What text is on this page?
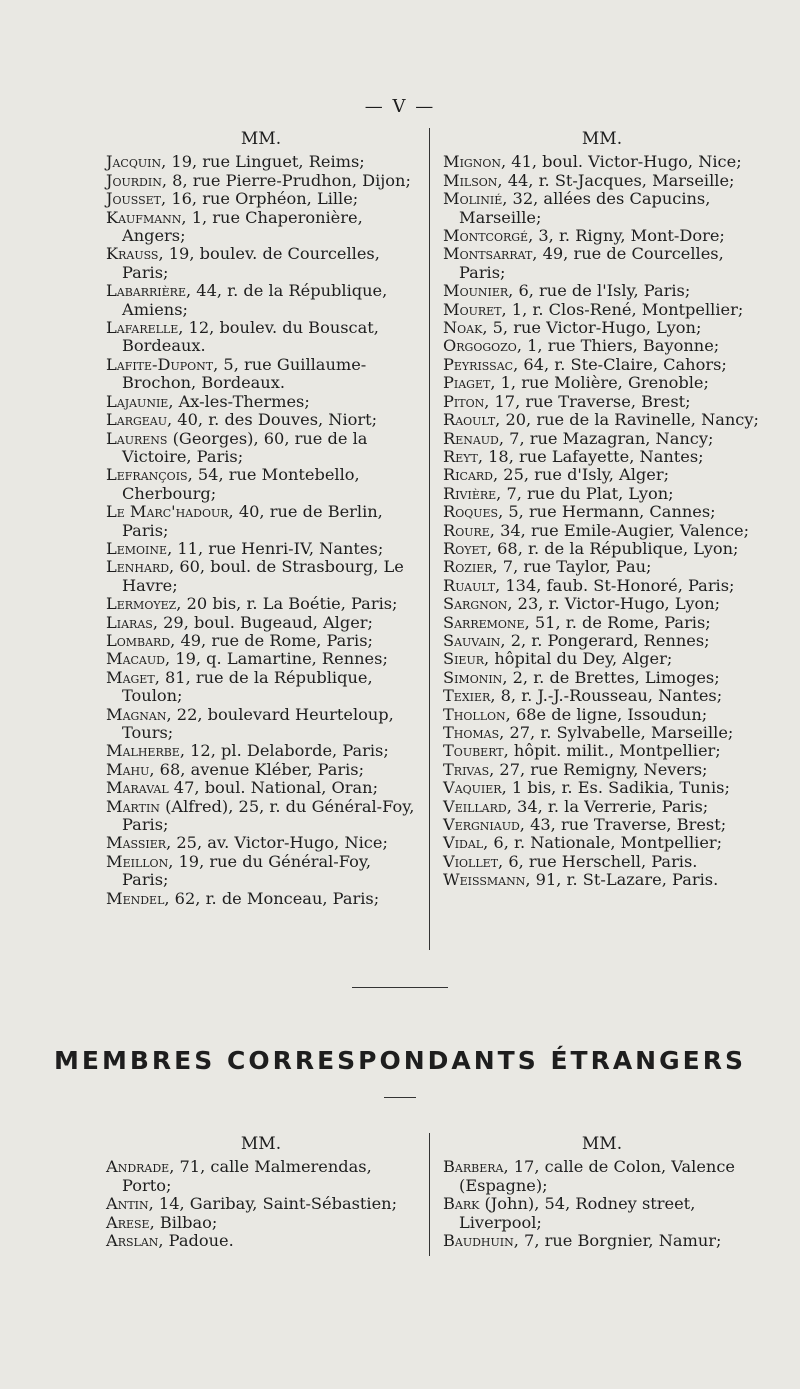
— V —
MM.
Jacquin, 19, rue Linguet, Reims;
Jourdin, 8, rue Pierre-Prudhon, Dijon;
Jousset, 16, rue Orphéon, Lille;
Kaufmann, 1, rue Chaperonière, Angers;
Krauss, 19, boulev. de Courcelles, Paris;
Labarrière, 44, r. de la République, Amiens;
Lafarelle, 12, boulev. du Bouscat, Bordeaux.
Lafite-Dupont, 5, rue Guillaume-Brochon, Bordeaux.
Lajaunie, Ax-les-Thermes;
Largeau, 40, r. des Douves, Niort;
Laurens (Georges), 60, rue de la Victoire, Paris;
Lefrançois, 54, rue Montebello, Cherbourg;
Le Marc'hadour, 40, rue de Berlin, Paris;
Lemoine, 11, rue Henri-IV, Nantes;
Lenhard, 60, boul. de Strasbourg, Le Havre;
Lermoyez, 20 bis, r. La Boétie, Paris;
Liaras, 29, boul. Bugeaud, Alger;
Lombard, 49, rue de Rome, Paris;
Macaud, 19, q. Lamartine, Rennes;
Maget, 81, rue de la République, Toulon;
Magnan, 22, boulevard Heurteloup, Tours;
Malherbe, 12, pl. Delaborde, Paris;
Mahu, 68, avenue Kléber, Paris;
Maraval 47, boul. National, Oran;
Martin (Alfred), 25, r. du Général-Foy, Paris;
Massier, 25, av. Victor-Hugo, Nice;
Meillon, 19, rue du Général-Foy, Paris;
Mendel, 62, r. de Monceau, Paris;
MM.
Mignon, 41, boul. Victor-Hugo, Nice;
Milson, 44, r. St-Jacques, Marseille;
Molinié, 32, allées des Capucins, Marseille;
Montcorgé, 3, r. Rigny, Mont-Dore;
Montsarrat, 49, rue de Courcelles, Paris;
Mounier, 6, rue de l'Isly, Paris;
Mouret, 1, r. Clos-René, Montpellier;
Noak, 5, rue Victor-Hugo, Lyon;
Orgogozo, 1, rue Thiers, Bayonne;
Peyrissac, 64, r. Ste-Claire, Cahors;
Piaget, 1, rue Molière, Grenoble;
Piton, 17, rue Traverse, Brest;
Raoult, 20, rue de la Ravinelle, Nancy;
Renaud, 7, rue Mazagran, Nancy;
Reyt, 18, rue Lafayette, Nantes;
Ricard, 25, rue d'Isly, Alger;
Rivière, 7, rue du Plat, Lyon;
Roques, 5, rue Hermann, Cannes;
Roure, 34, rue Emile-Augier, Valence;
Royet, 68, r. de la République, Lyon;
Rozier, 7, rue Taylor, Pau;
Ruault, 134, faub. St-Honoré, Paris;
Sargnon, 23, r. Victor-Hugo, Lyon;
Sarremone, 51, r. de Rome, Paris;
Sauvain, 2, r. Pongerard, Rennes;
Sieur, hôpital du Dey, Alger;
Simonin, 2, r. de Brettes, Limoges;
Texier, 8, r. J.-J.-Rousseau, Nantes;
Thollon, 68e de ligne, Issoudun;
Thomas, 27, r. Sylvabelle, Marseille;
Toubert, hôpit. milit., Montpellier;
Trivas, 27, rue Remigny, Nevers;
Vaquier, 1 bis, r. Es. Sadikia, Tunis;
Veillard, 34, r. la Verrerie, Paris;
Vergniaud, 43, rue Traverse, Brest;
Vidal, 6, r. Nationale, Montpellier;
Viollet, 6, rue Herschell, Paris.
Weissmann, 91, r. St-Lazare, Paris.
MEMBRES CORRESPONDANTS ÉTRANGERS
MM.
Andrade, 71, calle Malmerendas, Porto;
Antin, 14, Garibay, Saint-Sébastien;
Arese, Bilbao;
Arslan, Padoue.
MM.
Barbera, 17, calle de Colon, Valence (Espagne);
Bark (John), 54, Rodney street, Liverpool;
Baudhuin, 7, rue Borgnier, Namur;
